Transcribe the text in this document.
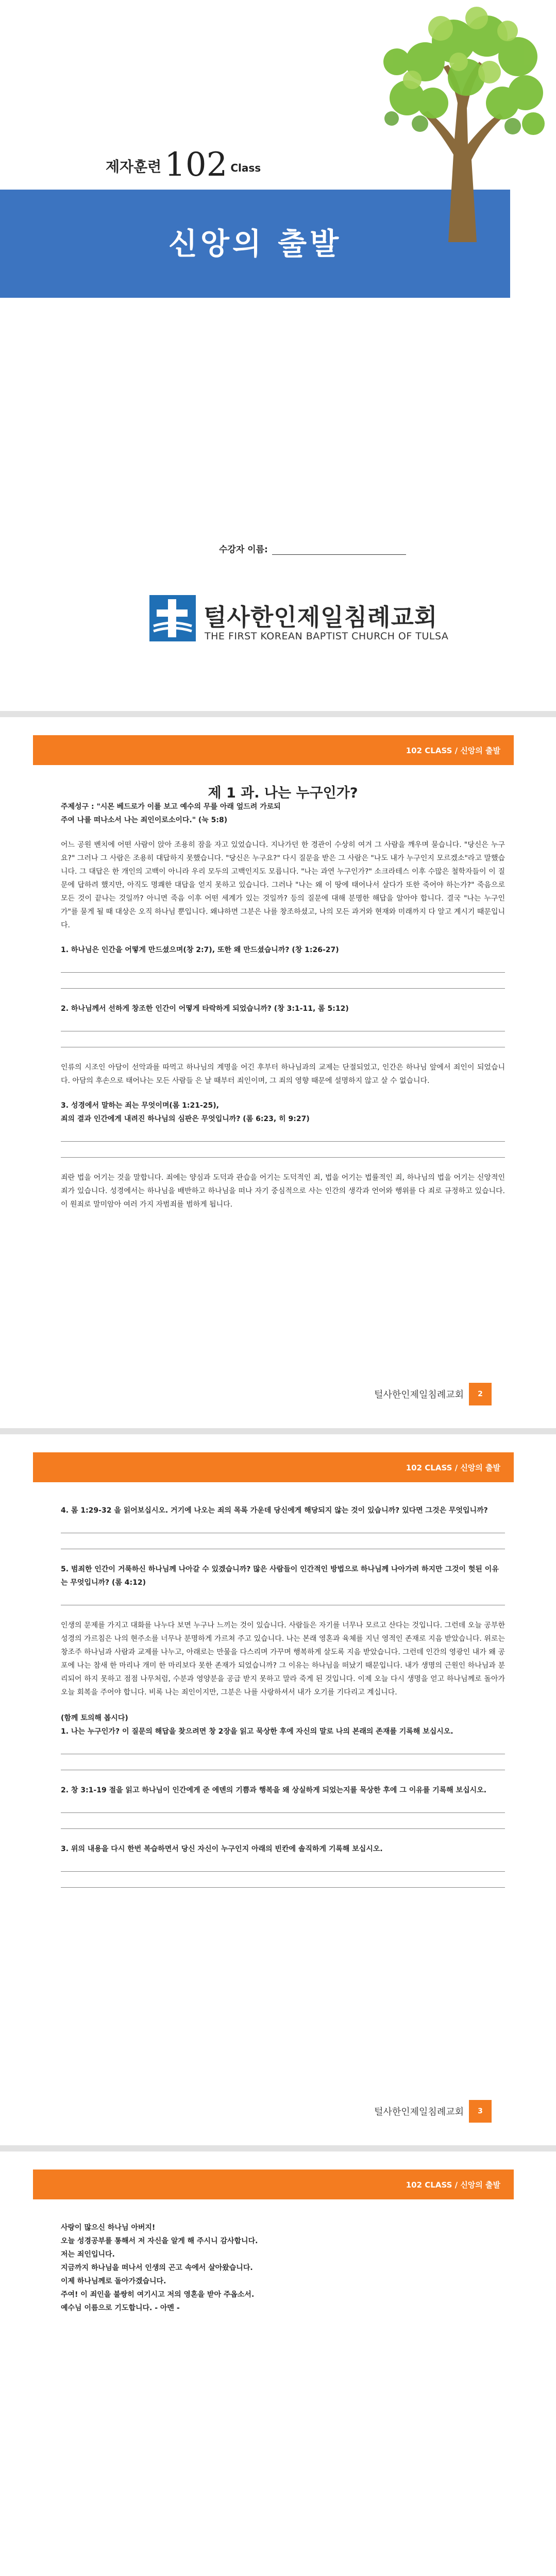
제자훈련102 Class
신앙의 출발
수강자 이름:
털사한인제일침례교회
THE FIRST KOREAN BAPTIST CHURCH OF TULSA
102 CLASS / 신앙의 출발

제 1 과. 나는 누구인가?

주제성구 : "시몬 베드로가 이를 보고 예수의 무릎 아래 엎드려 가로되

주여 나를 떠나소서 나는 죄인이로소이다." (눅 5:8)

어느 공원 벤치에 어떤 사람이 앉아 조용히 잠을 자고 있었습니다. 지나가던 한 경관이 수상히 여겨 그 사람을 깨우며 묻습니다. "당신은 누구요?" 그러나 그 사람은 조용히 대답하지 못했습니다. "당신은 누구요?" 다시 질문을 받은 그 사람은 "나도 내가 누구인지 모르겠소"라고 말했습니다. 그 대답은 한 개인의 고백이 아니라 우리 모두의 고백인지도 모릅니다. "나는 과연 누구인가?" 소크라테스 이후 수많은 철학자들이 이 질문에 답하려 했지만, 아직도 명쾌한 대답을 얻지 못하고 있습니다. 그러나 "나는 왜 이 땅에 태어나서 살다가 또한 죽어야 하는가?" 죽음으로 모든 것이 끝나는 것일까? 아니면 죽음 이후 어떤 세계가 있는 것일까? 등의 질문에 대해 분명한 해답을 알아야 합니다. 결국 "나는 누구인가"를 묻게 될 때 대상은 오직 하나님 뿐입니다. 왜냐하면 그분은 나를 창조하셨고, 나의 모든 과거와 현재와 미래까지 다 알고 계시기 때문입니다.

1. 하나님은 인간을 어떻게 만드셨으며(창 2:7), 또한 왜 만드셨습니까? (창 1:26-27)

2. 하나님께서 선하게 창조한 인간이 어떻게 타락하게 되었습니까? (창 3:1-11, 롬 5:12)

인류의 시조인 아담이 선악과를 따먹고 하나님의 계명을 어긴 후부터 하나님과의 교제는 단절되었고, 인간은 하나님 앞에서 죄인이 되었습니다. 아담의 후손으로 태어나는 모든 사람들 은 날 때부터 죄인이며, 그 죄의 영향 때문에 설명하지 않고 살 수 없습니다.

3. 성경에서 말하는 죄는 무엇이며(롬 1:21-25),

죄의 결과 인간에게 내려진 하나님의 심판은 무엇입니까? (롬 6:23, 히 9:27)

죄란 법을 어기는 것을 말합니다. 죄에는 양심과 도덕과 관습을 어기는 도덕적인 죄, 법을 어기는 법률적인 죄, 하나님의 법을 어기는 신앙적인 죄가 있습니다. 성경에서는 하나님을 배반하고 하나님을 떠나 자기 중심적으로 사는 인간의 생각과 언어와 행위를 다 죄로 규정하고 있습니다. 이 원죄로 말미암아 여러 가지 자범죄를 범하게 됩니다.

털사한인제일침례교회	2
102 CLASS / 신앙의 출발

4. 롬 1:29-32 을 읽어보십시오. 거기에 나오는 죄의 목록 가운데 당신에게 해당되지 않는 것이 있습니까? 있다면 그것은 무엇입니까?

5. 범죄한 인간이 거룩하신 하나님께 나아갈 수 있겠습니까? 많은 사람들이 인간적인 방법으로 하나님께 나아가려 하지만 그것이 헛된 이유는 무엇입니까? (롬 4:12)

인생의 문제를 가지고 대화를 나누다 보면 누구나 느끼는 것이 있습니다. 사람들은 자기를 너무나 모르고 산다는 것입니다. 그런데 오늘 공부한 성경의 가르침은 나의 현주소를 너무나 분명하게 가르쳐 주고 있습니다. 나는 본래 영혼과 육체를 지닌 영적인 존재로 지음 받았습니다. 위로는 창조주 하나님과 사람과 교제를 나누고, 아래로는 만물을 다스리며 가꾸며 행복하게 살도록 지음 받았습니다. 그런데 인간의 영광인 내가 왜 공포에 나는 참새 한 마리나 개미 한 마리보다 못한 존재가 되었습니까? 그 이유는 하나님을 떠났기 때문입니다. 내가 생명의 근원인 하나님과 분리되어 하지 못하고 점점 나무처럼, 수분과 영양분을 공급 받지 못하고 말라 죽게 된 것입니다. 이제 오늘 다시 생명을 얻고 하나님께로 돌아가 오늘 회복을 주어야 합니다. 비록 나는 죄인이지만, 그분은 나를 사랑하셔서 내가 오기를 기다리고 계십니다.

(함께 토의해 봅시다)

1. 나는 누구인가? 이 질문의 해답을 찾으려면 창 2장을 읽고 묵상한 후에 자신의 말로 나의 본래의 존재를 기록해 보십시오.

2. 창 3:1-19 절을 읽고 하나님이 인간에게 준 에덴의 기쁨과 행복을 왜 상실하게 되었는지를 묵상한 후에 그 이유를 기록해 보십시오.

3. 위의 내용을 다시 한번 복습하면서 당신 자신이 누구인지 아래의 빈칸에 솔직하게 기록해 보십시오.

털사한인제일침례교회	3
102 CLASS / 신앙의 출발

사랑이 많으신 하나님 아버지!

오늘 성경공부를 통해서 저 자신을 알게 해 주시니 감사합니다.

저는 죄인입니다.

지금까지 하나님을 떠나서 인생의 곤고 속에서 살아왔습니다.

이제 하나님께로 돌아가겠습니다.

주여! 이 죄인을 불쌍히 여기시고 저의 영혼을 받아 주옵소서.

예수님 이름으로 기도합니다. - 아멘 -
